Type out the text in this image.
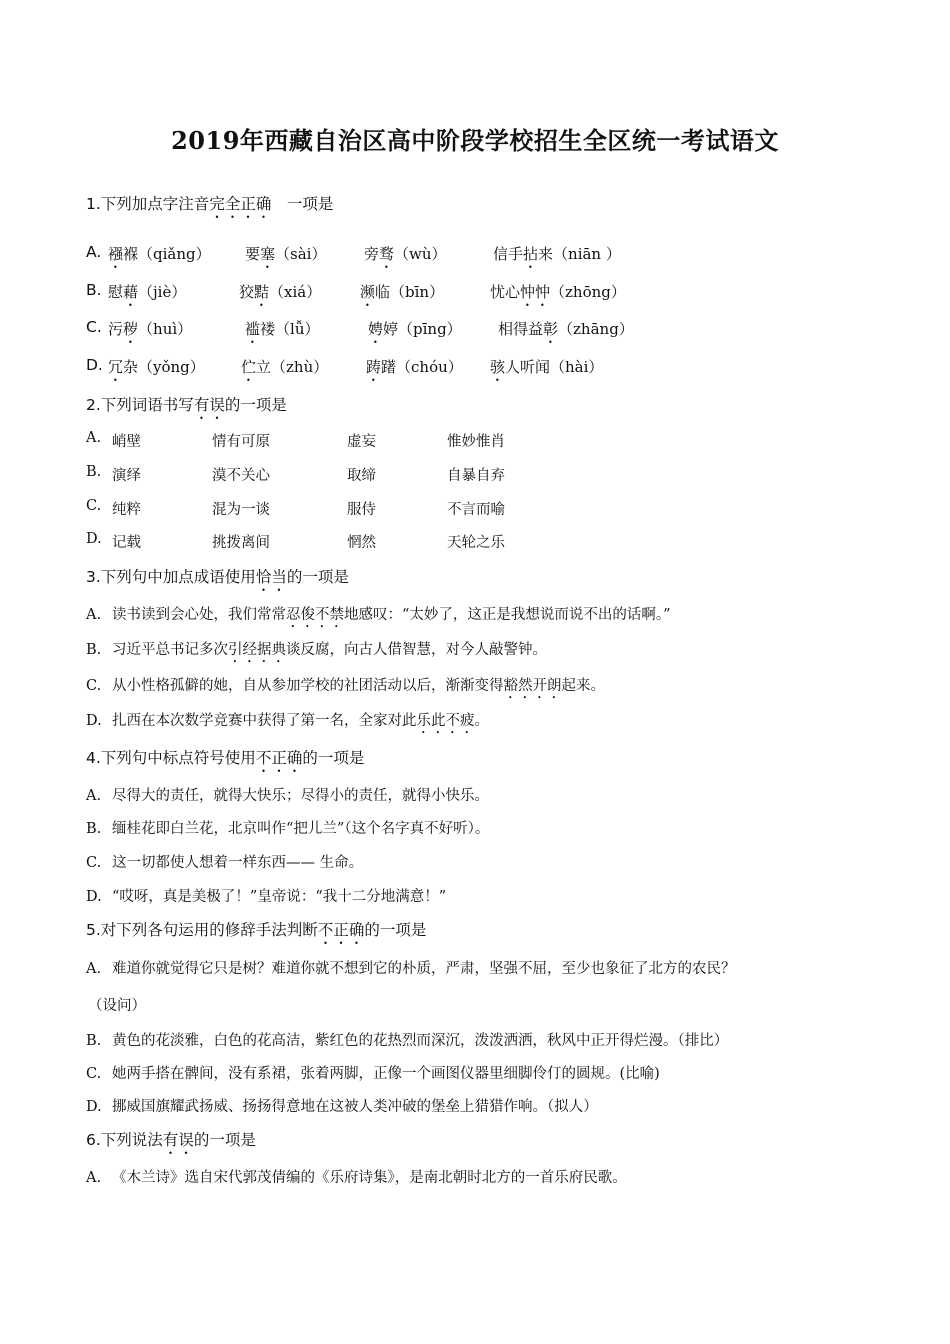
2019年西藏自治区高中阶段学校招生全区统一考试语文
1.下列加点字注音完全正确　一项是
A. 襁褓（qiǎng） 要塞（sài）	旁骛（wù）	信手拈来（niān ）
B. 慰藉（jiè）	狡黠（xiá）	濒临（bīn）	忧心忡忡（zhōng）
C. 污秽（huì）	褴褛（lǚ）	娉婷（pīng） 相得益彰（zhāng）
D. 冗杂（yǒng） 伫立（zhù）	踌躇（chóu） 骇人听闻（hài）
2.下列词语书写有误的一项是
A. 峭壁	情有可原	虚妄	惟妙惟肖
B. 演绎	漠不关心	取缔	自暴自弃
C. 纯粹	混为一谈	服侍	不言而喻
D. 记载	挑拨离间	惘然	天轮之乐
3.下列句中加点成语使用恰当的一项是
A. 读书读到会心处，我们常常忍俊不禁地感叹：“太妙了，这正是我想说而说不出的话啊。”
B. 习近平总书记多次引经据典谈反腐，向古人借智慧，对今人敲警钟。
C. 从小性格孤僻的她，自从参加学校的社团活动以后，渐渐变得豁然开朗起来。
D. 扎西在本次数学竞赛中获得了第一名，全家对此乐此不疲。
4.下列句中标点符号使用不正确的一项是
A. 尽得大的责任，就得大快乐；尽得小的责任，就得小快乐。
B. 缅桂花即白兰花，北京叫作“把儿兰”（这个名字真不好听）。
C. 这一切都使人想着一样东西—— 生命。
D. “哎呀，真是美极了！”皇帝说：“我十二分地满意！”
5.对下列各句运用的修辞手法判断不正确的一项是
A. 难道你就觉得它只是树？难道你就不想到它的朴质，严肃，坚强不屈，至少也象征了北方的农民？
（设问）
B. 黄色的花淡雅，白色的花高洁，紫红色的花热烈而深沉，泼泼洒洒，秋风中正开得烂漫。（排比）
C. 她两手搭在髀间，没有系裙，张着两脚，正像一个画图仪器里细脚伶仃的圆规。(比喻)
D. 挪威国旗耀武扬威、扬扬得意地在这被人类冲破的堡垒上猎猎作响。（拟人）
6.下列说法有误的一项是
A. 《木兰诗》选自宋代郭茂倩编的《乐府诗集》，是南北朝时北方的一首乐府民歌。
